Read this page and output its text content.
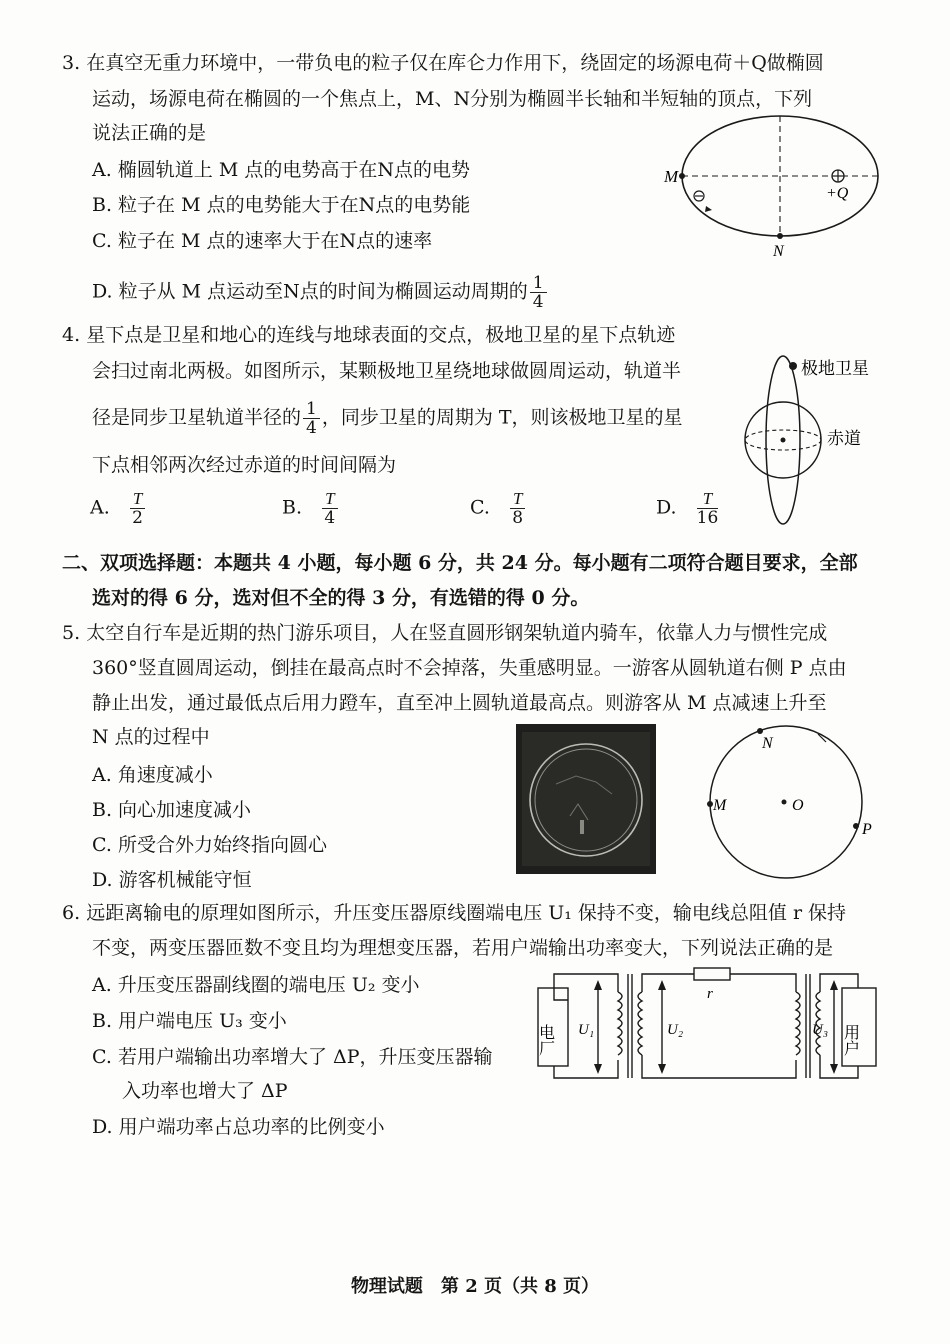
3. 在真空无重力环境中，一带负电的粒子仅在库仑力作用下，绕固定的场源电荷＋Q做椭圆
运动，场源电荷在椭圆的一个焦点上，M、N分别为椭圆半长轴和半短轴的顶点，下列
说法正确的是
A. 椭圆轨道上 M 点的电势高于在N点的电势
B. 粒子在 M 点的电势能大于在N点的电势能
C. 粒子在 M 点的速率大于在N点的速率
D. 粒子从 M 点运动至N点的时间为椭圆运动周期的 $\frac{1}{4}$
M
N
+Q
4. 星下点是卫星和地心的连线与地球表面的交点，极地卫星的星下点轨迹
会扫过南北两极。如图所示，某颗极地卫星绕地球做圆周运动，轨道半
径是同步卫星轨道半径的 $\frac{1}{4}$ ，同步卫星的周期为 T，则该极地卫星的星
下点相邻两次经过赤道的时间间隔为
A. $\frac{T}{2}$	B. $\frac{T}{4}$	C. $\frac{T}{8}$	D. $\frac{T}{16}$
极地卫星
赤道
二、双项选择题：本题共 4 小题，每小题 6 分，共 24 分。每小题有二项符合题目要求，全部
选对的得 6 分，选对但不全的得 3 分，有选错的得 0 分。
5. 太空自行车是近期的热门游乐项目，人在竖直圆形钢架轨道内骑车，依靠人力与惯性完成
360°竖直圆周运动，倒挂在最高点时不会掉落，失重感明显。一游客从圆轨道右侧 P 点由
静止出发，通过最低点后用力蹬车，直至冲上圆轨道最高点。则游客从 M 点减速上升至
N 点的过程中
A. 角速度减小
B. 向心加速度减小
C. 所受合外力始终指向圆心
D. 游客机械能守恒
N
M	O
P
6. 远距离输电的原理如图所示，升压变压器原线圈端电压 U₁ 保持不变，输电线总阻值 r 保持
不变，两变压器匝数不变且均为理想变压器，若用户端输出功率变大，下列说法正确的是
A. 升压变压器副线圈的端电压 U₂ 变小
B. 用户端电压 U₃ 变小
C. 若用户端输出功率增大了 ΔP，升压变压器输
入功率也增大了 ΔP
D. 用户端功率占总功率的比例变小
电厂	用户
U₁	U₂	U₃
r
物理试题　第 2 页（共 8 页）
